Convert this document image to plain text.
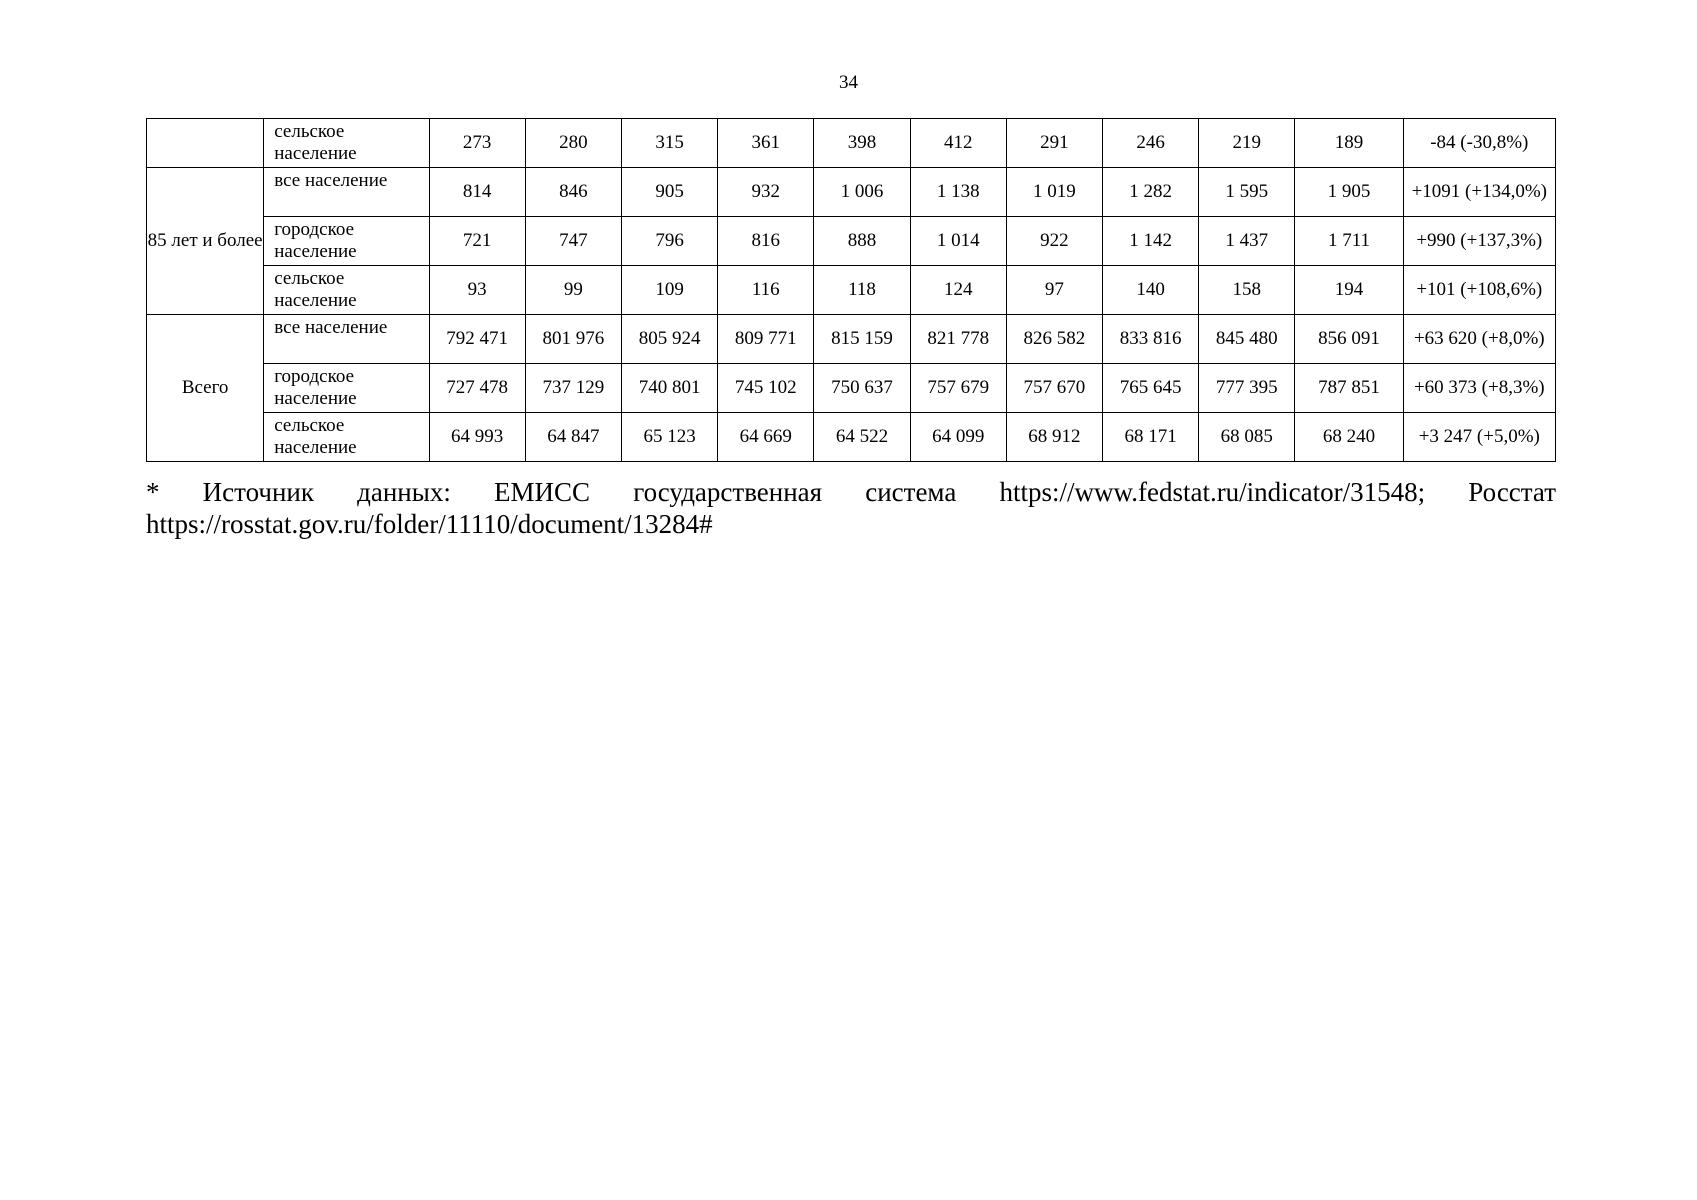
34
	сельское население	273	280	315	361	398	412	291	246	219	189	-84 (-30,8%)
85 лет и более	все население	814	846	905	932	1 006	1 138	1 019	1 282	1 595	1 905	+1091 (+134,0%)
	городское население	721	747	796	816	888	1 014	922	1 142	1 437	1 711	+990 (+137,3%)
	сельское население	93	99	109	116	118	124	97	140	158	194	+101 (+108,6%)
Всего	все население	792 471	801 976	805 924	809 771	815 159	821 778	826 582	833 816	845 480	856 091	+63 620 (+8,0%)
	городское население	727 478	737 129	740 801	745 102	750 637	757 679	757 670	765 645	777 395	787 851	+60 373 (+8,3%)
	сельское население	64 993	64 847	65 123	64 669	64 522	64 099	68 912	68 171	68 085	68 240	+3 247 (+5,0%)
* Источник данных: ЕМИСС государственная система https://www.fedstat.ru/indicator/31548; Росстат
https://rosstat.gov.ru/folder/11110/document/13284#
